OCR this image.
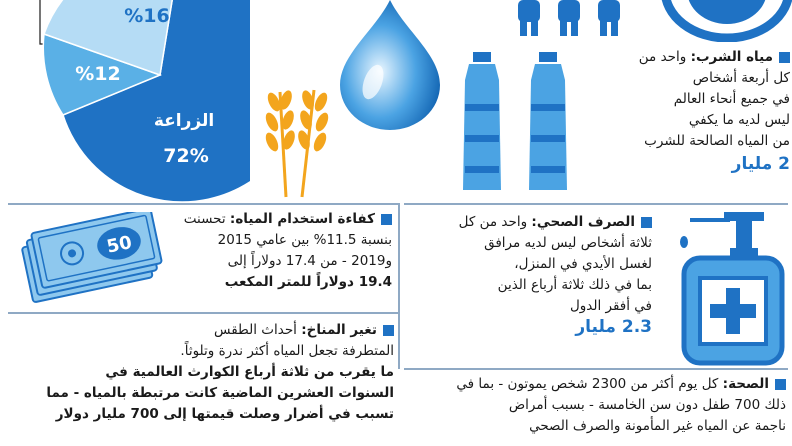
%16
%12
الزراعة
72%
مياه الشرب: واحد من
كل أربعة أشخاص
في جميع أنحاء العالم
ليس لديه ما يكفي
من المياه الصالحة للشرب
2 مليار
50
كفاءة استخدام المياه: تحسنت
بنسبة 11.5% بين عامي 2015
و2019 - من 17.4 دولاراً إلى
19.4 دولاراً للمتر المكعب
الصرف الصحي: واحد من كل
ثلاثة أشخاص ليس لديه مرافق
لغسل الأيدي في المنزل،
بما في ذلك ثلاثة أرباع الذين
في أفقر الدول
2.3 مليار
تغير المناخ: أحداث الطقس
المتطرفة تجعل المياه أكثر ندرة وتلوثاً.
ما يقرب من ثلاثة أرباع الكوارث العالمية في
السنوات العشرين الماضية كانت مرتبطة بالمياه - مما
تسبب في أضرار وصلت قيمتها إلى 700 مليار دولار
الصحة: كل يوم أكثر من 2300 شخص يموتون - بما في
ذلك 700 طفل دون سن الخامسة - بسبب أمراض
ناجمة عن المياه غير المأمونة والصرف الصحي
